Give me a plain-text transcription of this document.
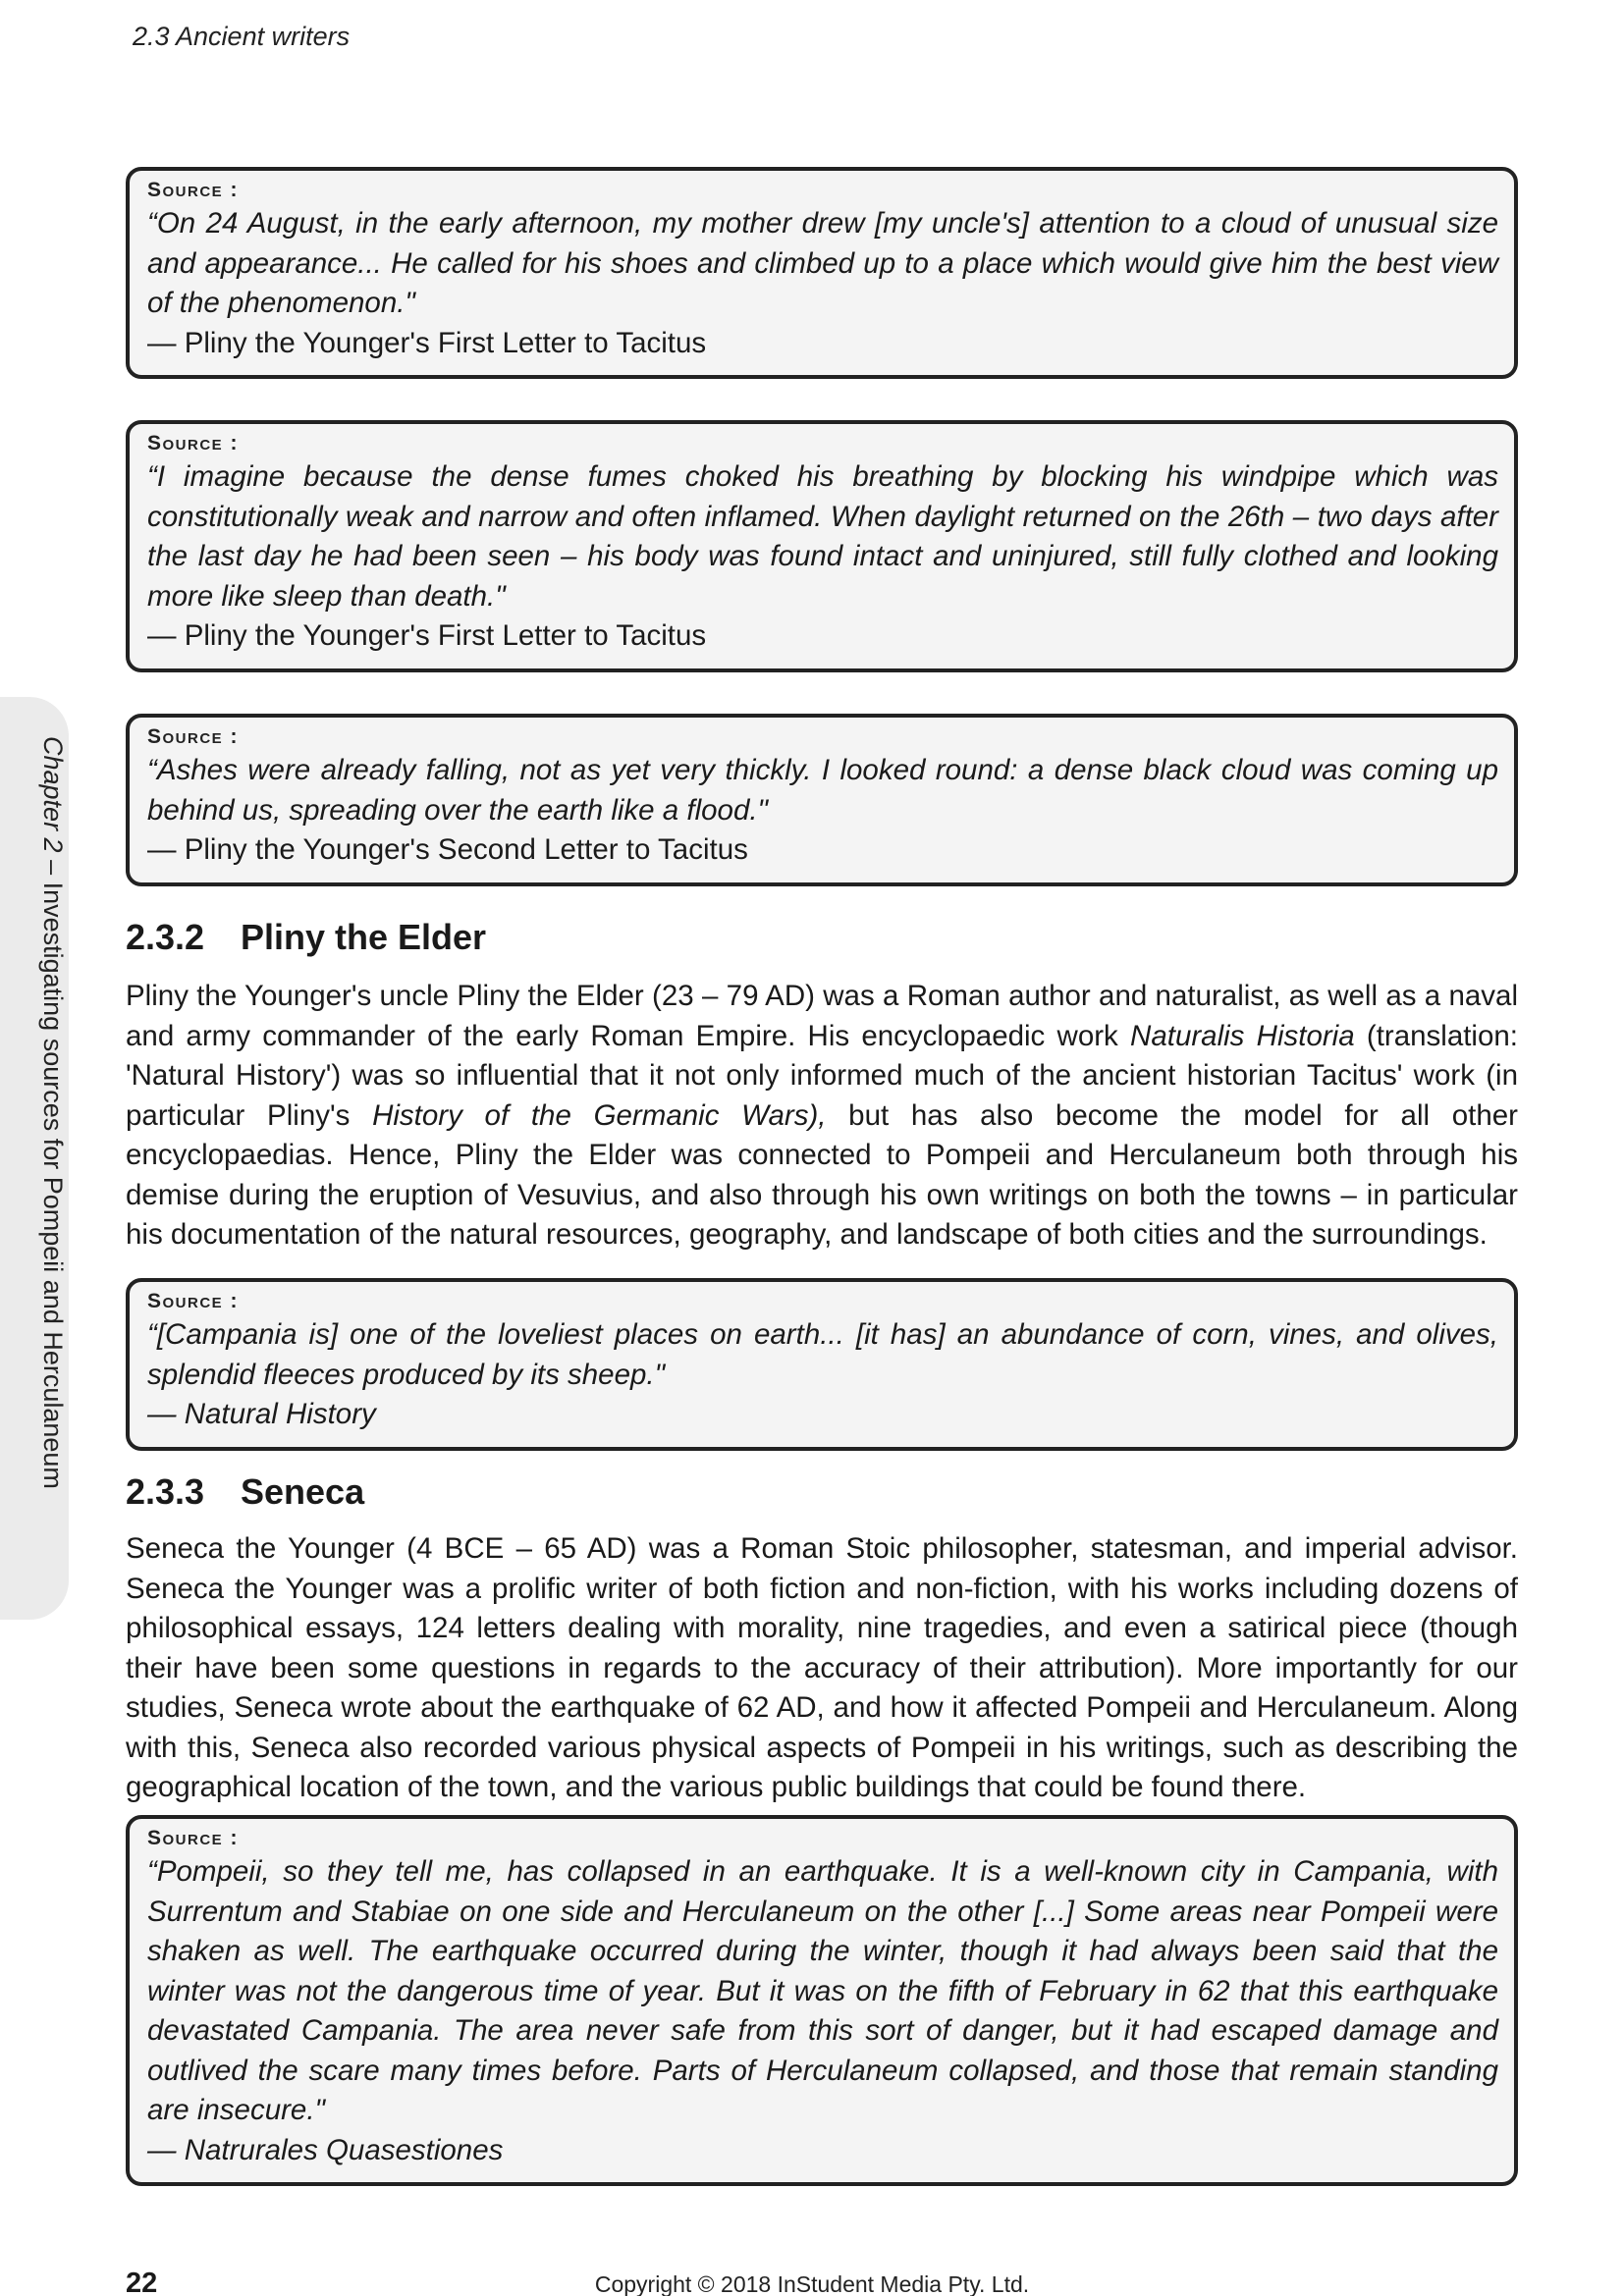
2.3 Ancient writers
Chapter 2 – Investigating sources for Pompeii and Herculaneum
Source :
“On 24 August, in the early afternoon, my mother drew [my uncle's] attention to a cloud of unusual size and appearance... He called for his shoes and climbed up to a place which would give him the best view of the phenomenon."
— Pliny the Younger's First Letter to Tacitus
Source :
“I imagine because the dense fumes choked his breathing by blocking his windpipe which was constitutionally weak and narrow and often inflamed. When daylight returned on the 26th – two days after the last day he had been seen – his body was found intact and uninjured, still fully clothed and looking more like sleep than death."
— Pliny the Younger's First Letter to Tacitus
Source :
“Ashes were already falling, not as yet very thickly. I looked round: a dense black cloud was coming up behind us, spreading over the earth like a flood."
— Pliny the Younger's Second Letter to Tacitus
2.3.2 Pliny the Elder
Pliny the Younger's uncle Pliny the Elder (23 – 79 AD) was a Roman author and naturalist, as well as a naval and army commander of the early Roman Empire. His encyclopaedic work Naturalis Historia (translation: 'Natural History') was so influential that it not only informed much of the ancient historian Tacitus' work (in particular Pliny's History of the Germanic Wars), but has also become the model for all other encyclopaedias. Hence, Pliny the Elder was connected to Pompeii and Herculaneum both through his demise during the eruption of Vesuvius, and also through his own writings on both the towns – in particular his documentation of the natural resources, geography, and landscape of both cities and the surroundings.
Source :
“[Campania is] one of the loveliest places on earth... [it has] an abundance of corn, vines, and olives, splendid fleeces produced by its sheep."
— Natural History
2.3.3 Seneca
Seneca the Younger (4 BCE – 65 AD) was a Roman Stoic philosopher, statesman, and imperial advisor. Seneca the Younger was a prolific writer of both fiction and non-fiction, with his works including dozens of philosophical essays, 124 letters dealing with morality, nine tragedies, and even a satirical piece (though their have been some questions in regards to the accuracy of their attribution). More importantly for our studies, Seneca wrote about the earthquake of 62 AD, and how it affected Pompeii and Herculaneum. Along with this, Seneca also recorded various physical aspects of Pompeii in his writings, such as describing the geographical location of the town, and the various public buildings that could be found there.
Source :
“Pompeii, so they tell me, has collapsed in an earthquake. It is a well-known city in Campania, with Surrentum and Stabiae on one side and Herculaneum on the other [...] Some areas near Pompeii were shaken as well. The earthquake occurred during the winter, though it had always been said that the winter was not the dangerous time of year. But it was on the fifth of February in 62 that this earthquake devastated Campania. The area never safe from this sort of danger, but it had escaped damage and outlived the scare many times before. Parts of Herculaneum collapsed, and those that remain standing are insecure."
— Natrurales Quasestiones
22	Copyright © 2018 InStudent Media Pty. Ltd.
